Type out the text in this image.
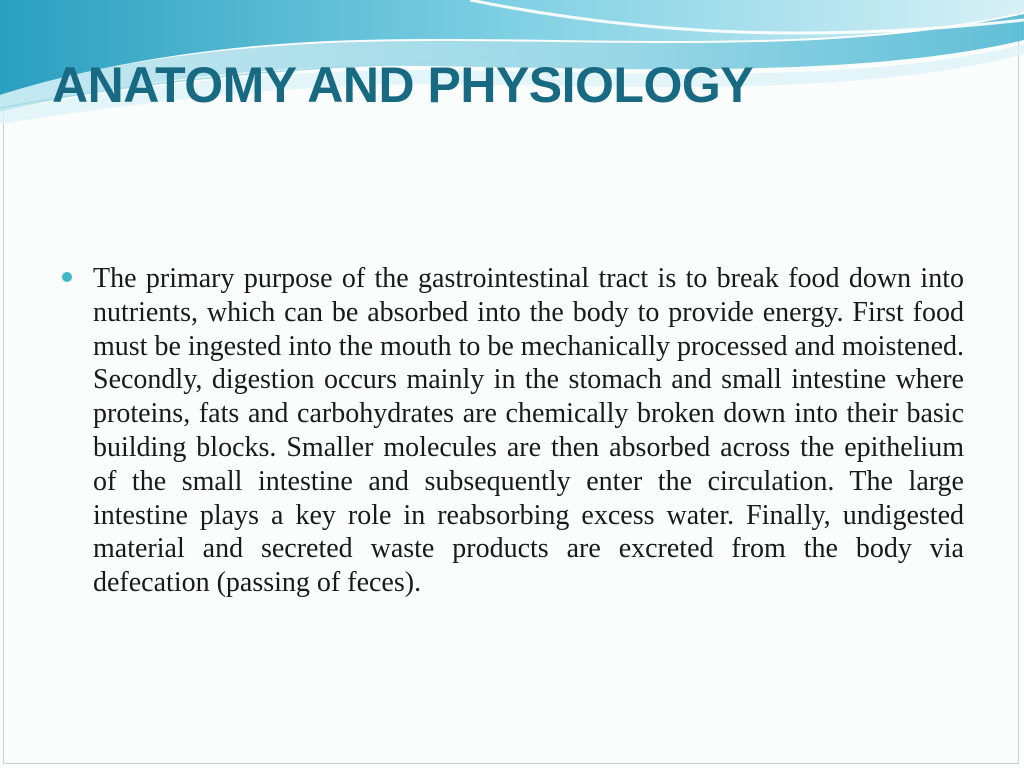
ANATOMY AND PHYSIOLOGY

The primary purpose of the gastrointestinal tract is to break food down into nutrients, which can be absorbed into the body to provide energy. First food must be ingested into the mouth to be mechanically processed and moistened. Secondly, digestion occurs mainly in the stomach and small intestine where proteins, fats and carbohydrates are chemically broken down into their basic building blocks. Smaller molecules are then absorbed across the epithelium of the small intestine and subsequently enter the circulation. The large intestine plays a key role in reabsorbing excess water. Finally, undigested material and secreted waste products are excreted from the body via defecation (passing of feces).
